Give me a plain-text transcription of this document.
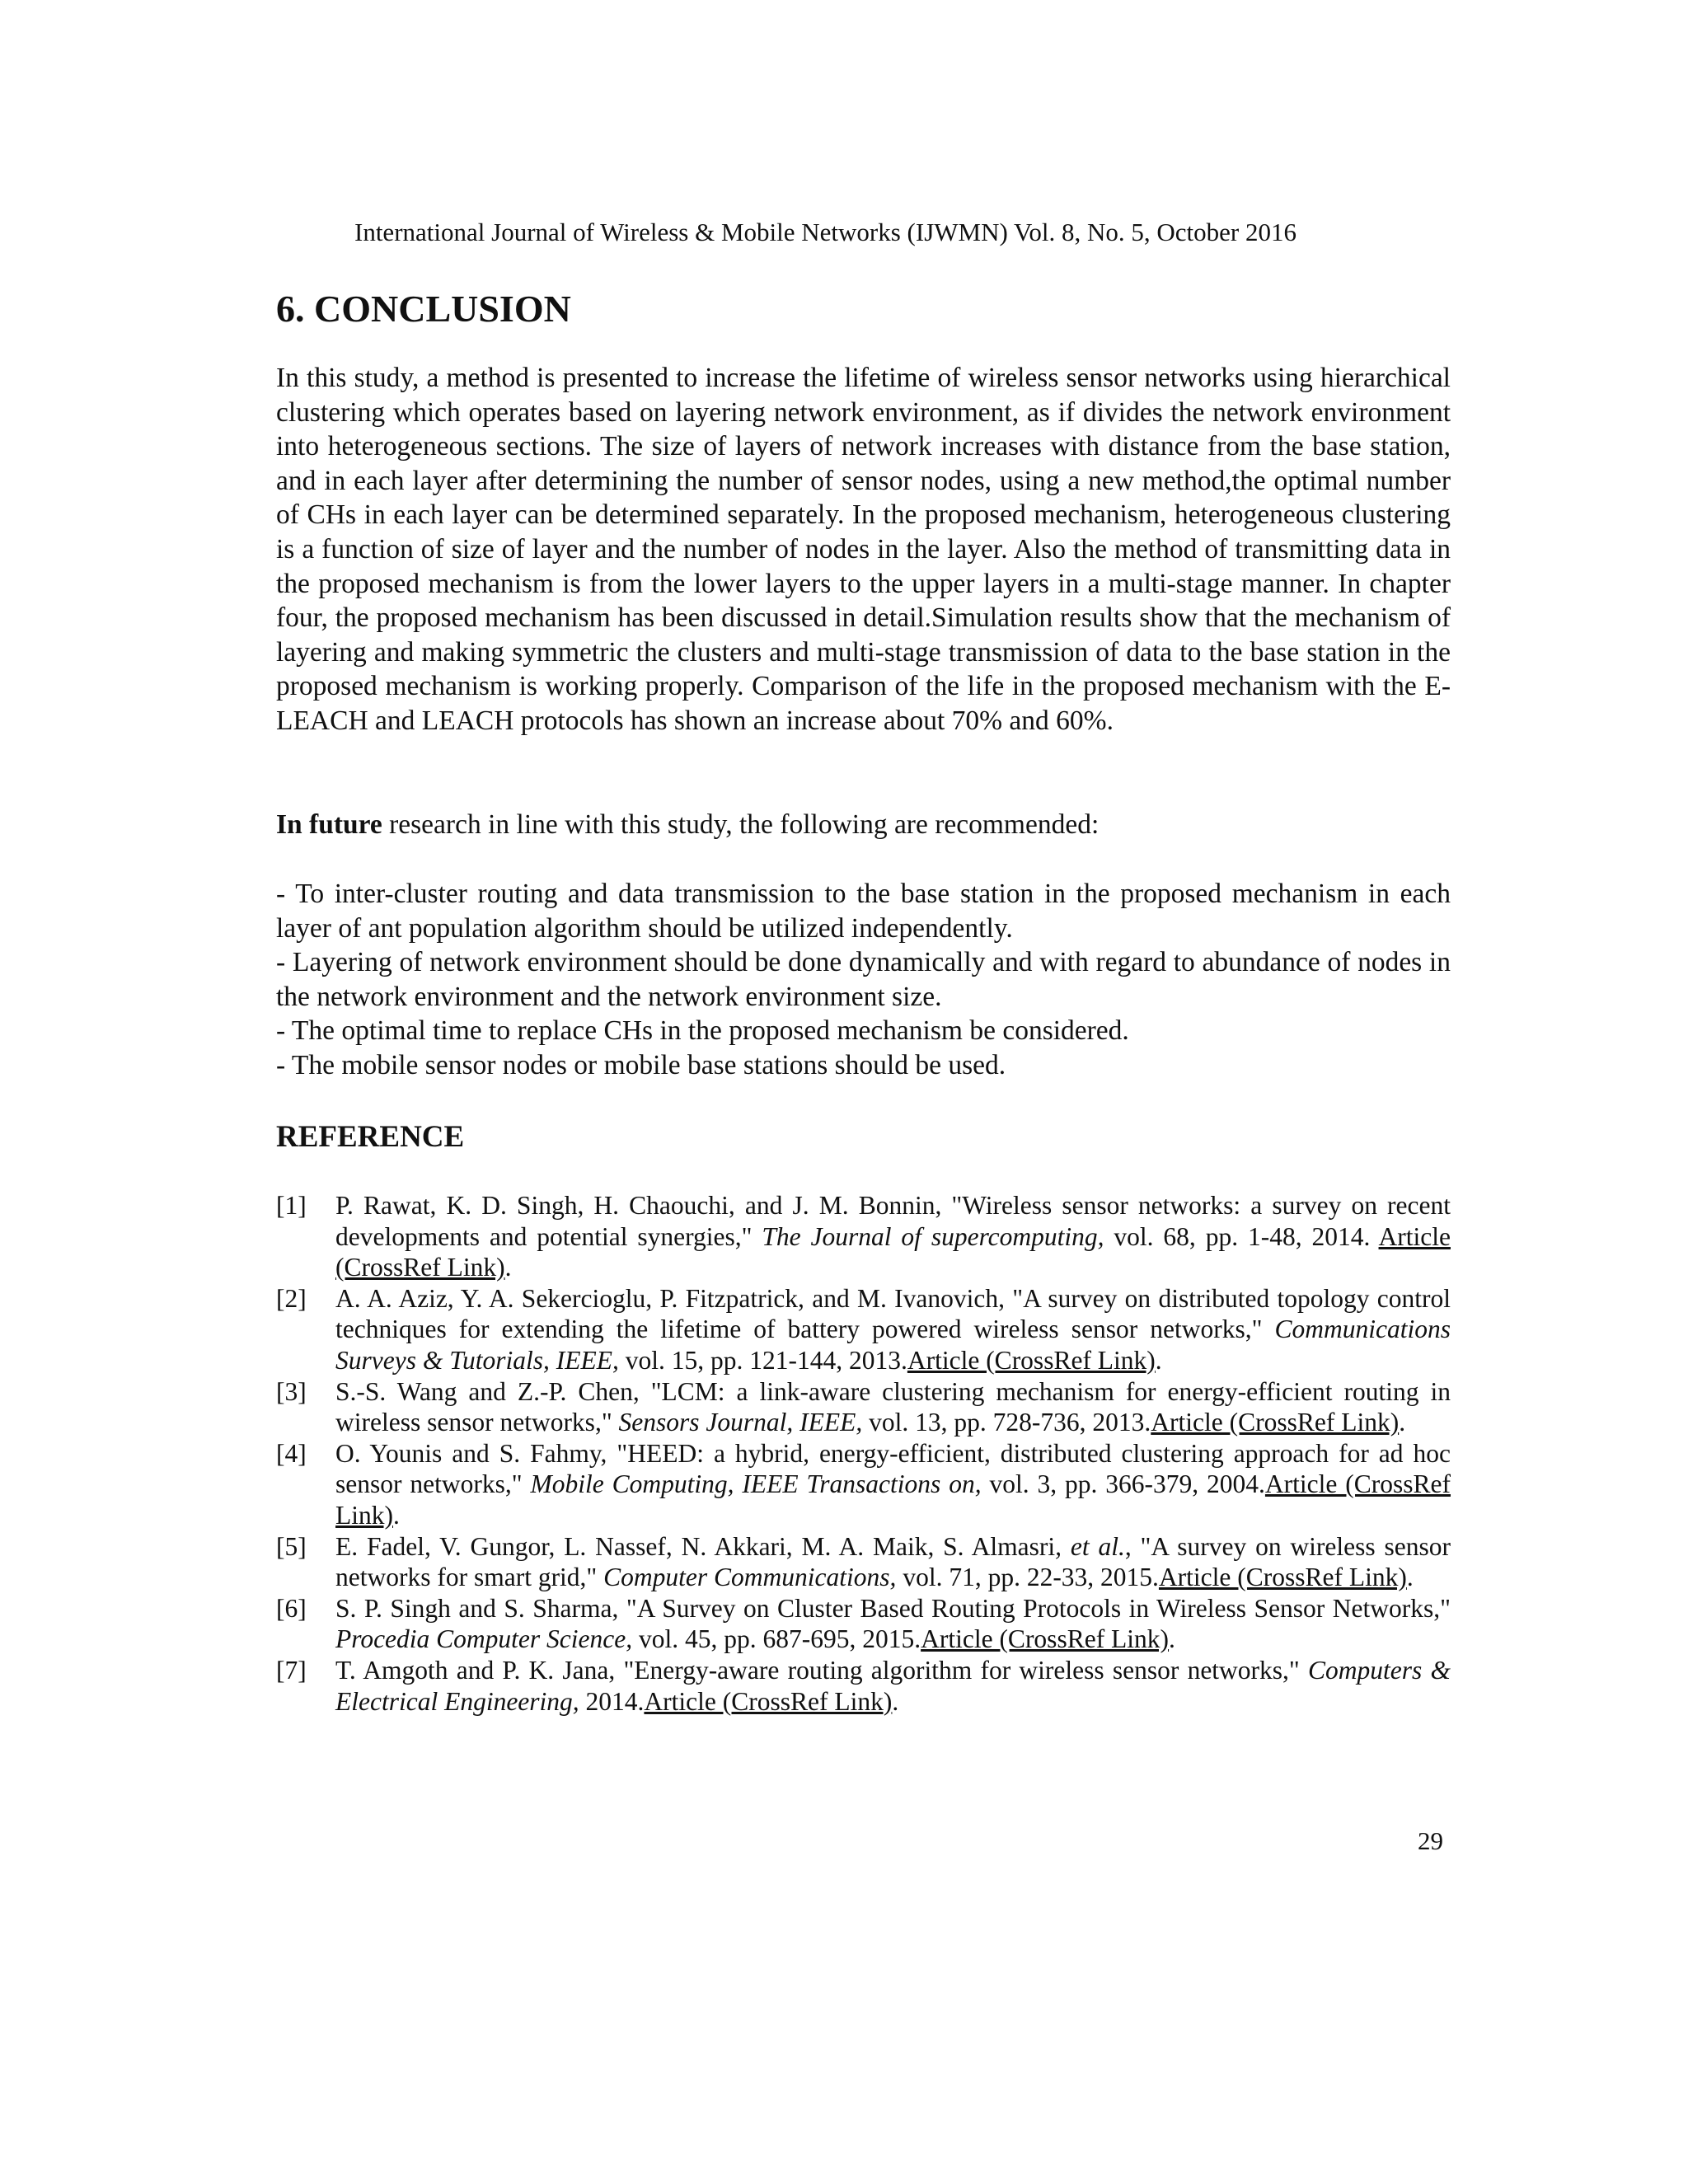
International Journal of Wireless & Mobile Networks (IJWMN) Vol. 8, No. 5, October 2016
6. CONCLUSION

In this study, a method is presented to increase the lifetime of wireless sensor networks using hierarchical clustering which operates based on layering network environment, as if divides the network environment into heterogeneous sections. The size of layers of network increases with distance from the base station, and in each layer after determining the number of sensor nodes, using a new method,the optimal number of CHs in each layer can be determined separately. In the proposed mechanism, heterogeneous clustering is a function of size of layer and the number of nodes in the layer. Also the method of transmitting data in the proposed mechanism is from the lower layers to the upper layers in a multi-stage manner. In chapter four, the proposed mechanism has been discussed in detail.Simulation results show that the mechanism of layering and making symmetric the clusters and multi-stage transmission of data to the base station in the proposed mechanism is working properly. Comparison of the life in the proposed mechanism with the E-LEACH and LEACH protocols has shown an increase about 70% and 60%.

In future research in line with this study, the following are recommended:

- To inter-cluster routing and data transmission to the base station in the proposed mechanism in each layer of ant population algorithm should be utilized independently.

- Layering of network environment should be done dynamically and with regard to abundance of nodes in the network environment and the network environment size.

- The optimal time to replace CHs in the proposed mechanism be considered.

- The mobile sensor nodes or mobile base stations should be used.

REFERENCE

[1] P. Rawat, K. D. Singh, H. Chaouchi, and J. M. Bonnin, "Wireless sensor networks: a survey on recent developments and potential synergies," The Journal of supercomputing, vol. 68, pp. 1-48, 2014. Article (CrossRef Link).

[2] A. A. Aziz, Y. A. Sekercioglu, P. Fitzpatrick, and M. Ivanovich, "A survey on distributed topology control techniques for extending the lifetime of battery powered wireless sensor networks," Communications Surveys & Tutorials, IEEE, vol. 15, pp. 121-144, 2013.Article (CrossRef Link).

[3] S.-S. Wang and Z.-P. Chen, "LCM: a link-aware clustering mechanism for energy-efficient routing in wireless sensor networks," Sensors Journal, IEEE, vol. 13, pp. 728-736, 2013.Article (CrossRef Link).

[4] O. Younis and S. Fahmy, "HEED: a hybrid, energy-efficient, distributed clustering approach for ad hoc sensor networks," Mobile Computing, IEEE Transactions on, vol. 3, pp. 366-379, 2004.Article (CrossRef Link).

[5] E. Fadel, V. Gungor, L. Nassef, N. Akkari, M. A. Maik, S. Almasri, et al., "A survey on wireless sensor networks for smart grid," Computer Communications, vol. 71, pp. 22-33, 2015.Article (CrossRef Link).

[6] S. P. Singh and S. Sharma, "A Survey on Cluster Based Routing Protocols in Wireless Sensor Networks," Procedia Computer Science, vol. 45, pp. 687-695, 2015.Article (CrossRef Link).

[7] T. Amgoth and P. K. Jana, "Energy-aware routing algorithm for wireless sensor networks," Computers & Electrical Engineering, 2014.Article (CrossRef Link).

29
